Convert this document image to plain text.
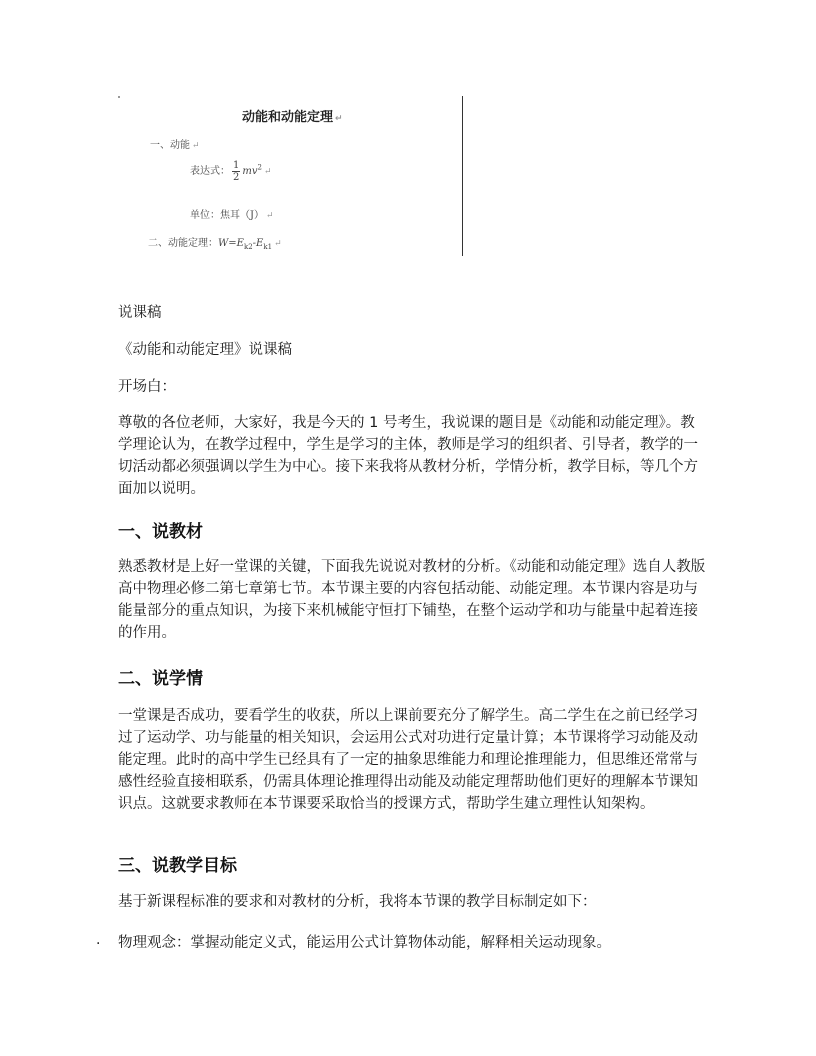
动能和动能定理 ↵
一、动能 ↵
表达式： $\frac{1}{2} mv^2$ ↵
单位：焦耳（J） ↵
二、动能定理：$W=E_{k2}-E_{k1}$ ↵

说课稿

《动能和动能定理》说课稿

开场白：

尊敬的各位老师，大家好，我是今天的 1 号考生，我说课的题目是《动能和动能定理》。教学理论认为，在教学过程中，学生是学习的主体，教师是学习的组织者、引导者，教学的一切活动都必须强调以学生为中心。接下来我将从教材分析，学情分析，教学目标，等几个方面加以说明。

一、说教材

熟悉教材是上好一堂课的关键，下面我先说说对教材的分析。《动能和动能定理》选自人教版高中物理必修二第七章第七节。本节课主要的内容包括动能、动能定理。本节课内容是功与能量部分的重点知识，为接下来机械能守恒打下铺垫，在整个运动学和功与能量中起着连接的作用。

二、说学情

一堂课是否成功，要看学生的收获，所以上课前要充分了解学生。高二学生在之前已经学习过了运动学、功与能量的相关知识，会运用公式对功进行定量计算；本节课将学习动能及动能定理。此时的高中学生已经具有了一定的抽象思维能力和理论推理能力，但思维还常常与感性经验直接相联系，仍需具体理论推理得出动能及动能定理帮助他们更好的理解本节课知识点。这就要求教师在本节课要采取恰当的授课方式，帮助学生建立理性认知架构。

三、说教学目标

基于新课程标准的要求和对教材的分析，我将本节课的教学目标制定如下：

. 物理观念：掌握动能定义式，能运用公式计算物体动能，解释相关运动现象。
